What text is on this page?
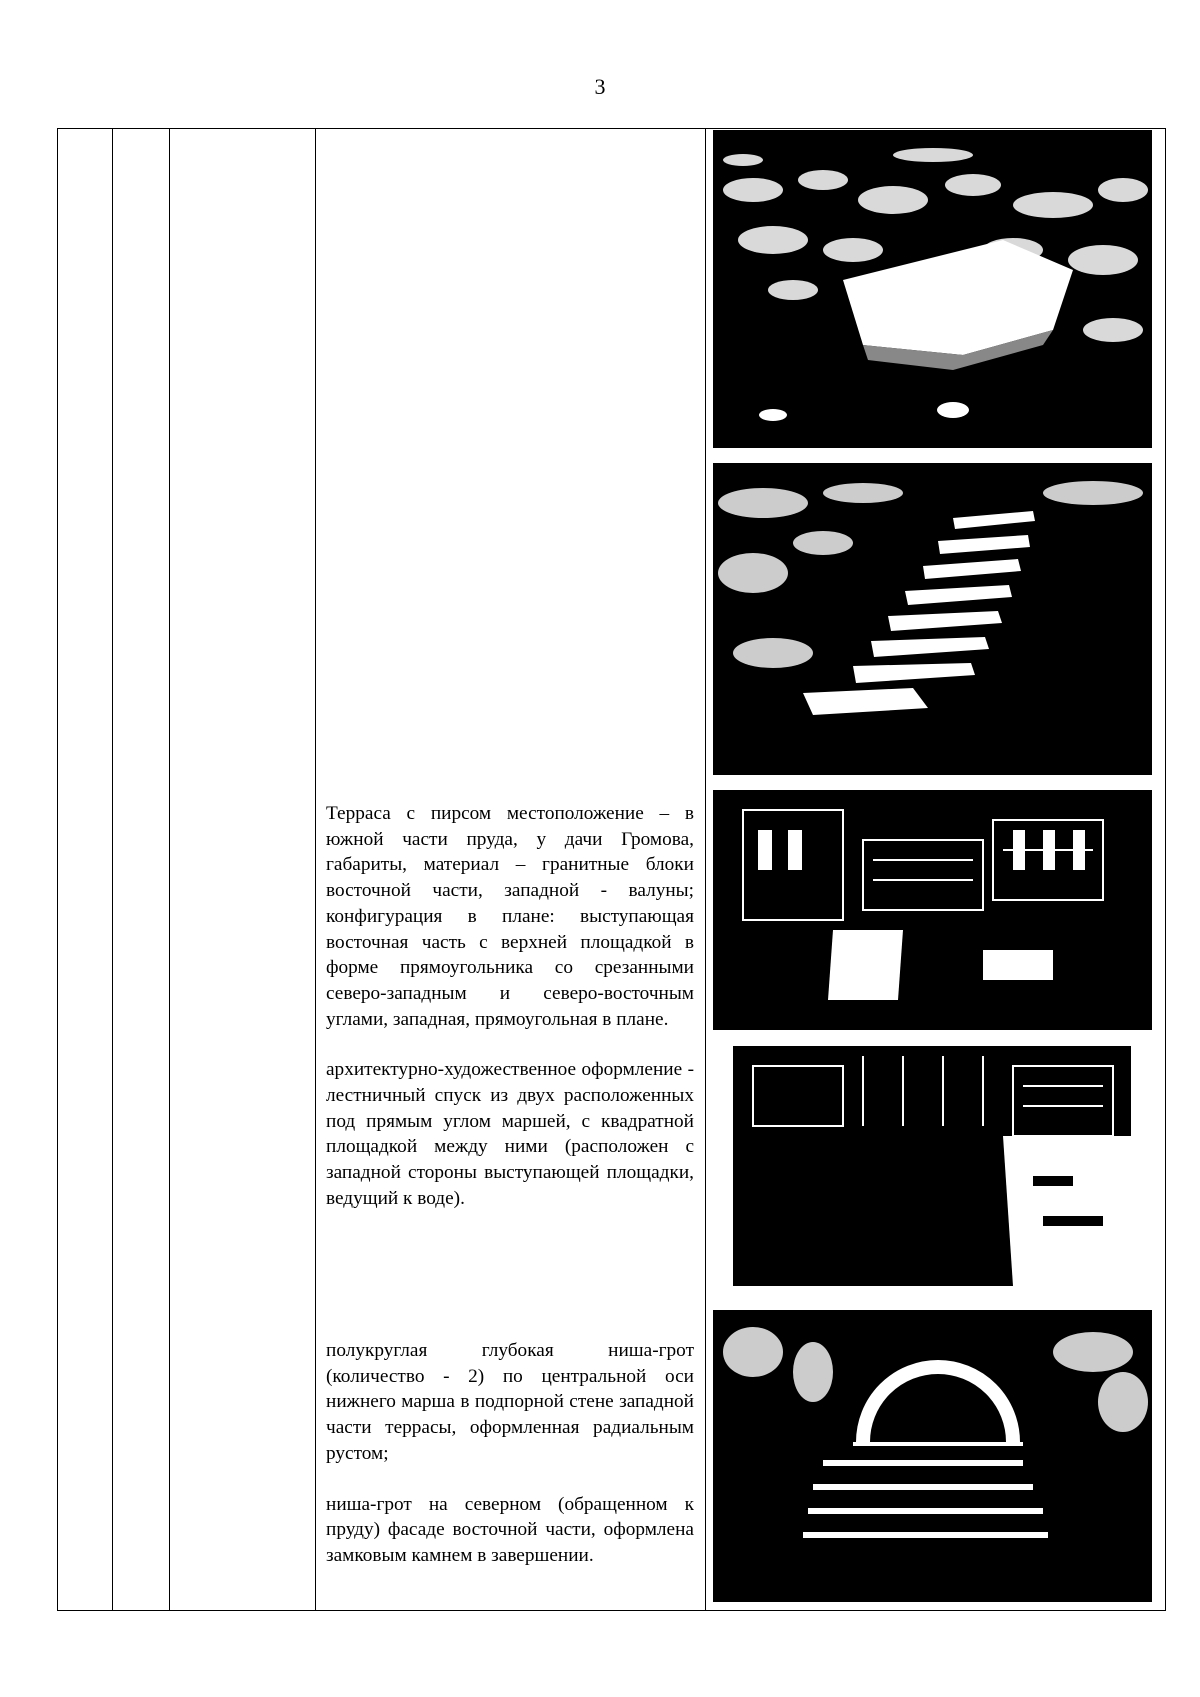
3

Терраса с пирсом местоположение – в южной части пруда, у дачи Громова, габариты, материал – гранитные блоки восточной части, западной - валуны; конфигурация в плане: выступающая восточная часть с верхней площадкой в форме прямоугольника со срезанными северо-западным и северо-восточным углами, западная, прямоугольная в плане.

архитектурно-художественное оформление - лестничный спуск из двух расположенных под прямым углом маршей, с квадратной площадкой между ними (расположен с западной стороны выступающей площадки, ведущий к воде).

полукруглая глубокая ниша-грот (количество - 2) по центральной оси нижнего марша в подпорной стене западной части террасы, оформленная радиальным рустом;

ниша-грот на северном (обращенном к пруду) фасаде восточной части, оформлена замковым камнем в завершении.
